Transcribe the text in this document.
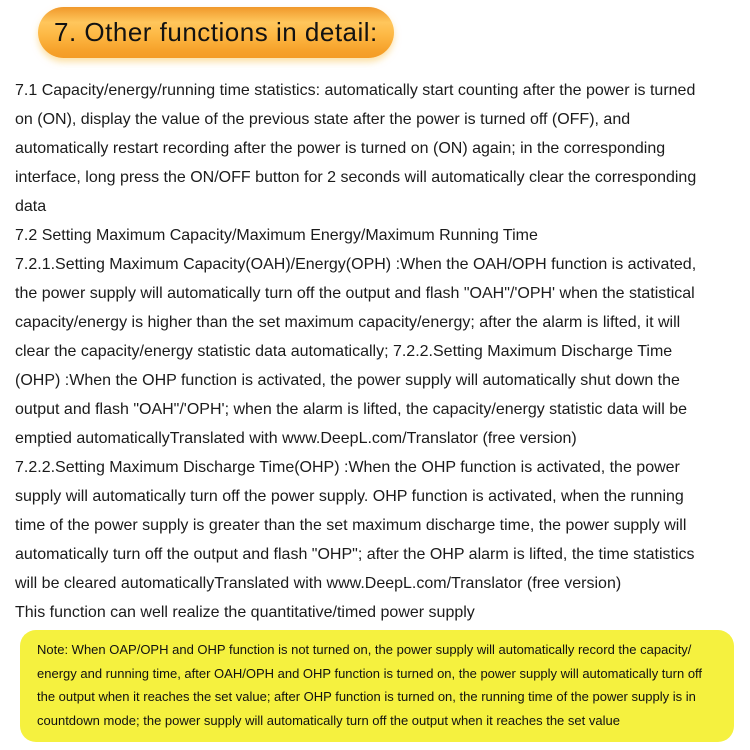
7. Other functions in detail:
7.1 Capacity/energy/running time statistics: automatically start counting after the power is turned
on (ON), display the value of the previous state after the power is turned off (OFF), and
automatically restart recording after the power is turned on (ON) again; in the corresponding
interface, long press the ON/OFF button for 2 seconds will automatically clear the corresponding
data
7.2 Setting Maximum Capacity/Maximum Energy/Maximum Running Time
7.2.1.Setting Maximum Capacity(OAH)/Energy(OPH) :When the OAH/OPH function is activated,
the power supply will automatically turn off the output and flash "OAH"/'OPH' when the statistical
capacity/energy is higher than the set maximum capacity/energy; after the alarm is lifted, it will
clear the capacity/energy statistic data automatically; 7.2.2.Setting Maximum Discharge Time
(OHP) :When the OHP function is activated, the power supply will automatically shut down the
output and flash "OAH"/'OPH'; when the alarm is lifted, the capacity/energy statistic data will be
emptied automaticallyTranslated with www.DeepL.com/Translator (free version)
7.2.2.Setting Maximum Discharge Time(OHP) :When the OHP function is activated, the power
supply will automatically turn off the power supply. OHP function is activated, when the running
time of the power supply is greater than the set maximum discharge time, the power supply will
automatically turn off the output and flash "OHP"; after the OHP alarm is lifted, the time statistics
will be cleared automaticallyTranslated with www.DeepL.com/Translator (free version)
This function can well realize the quantitative/timed power supply
Note: When OAP/OPH and OHP function is not turned on, the power supply will automatically record the capacity/
energy and running time, after OAH/OPH and OHP function is turned on, the power supply will automatically turn off
the output when it reaches the set value; after OHP function is turned on, the running time of the power supply is in
countdown mode; the power supply will automatically turn off the output when it reaches the set value
